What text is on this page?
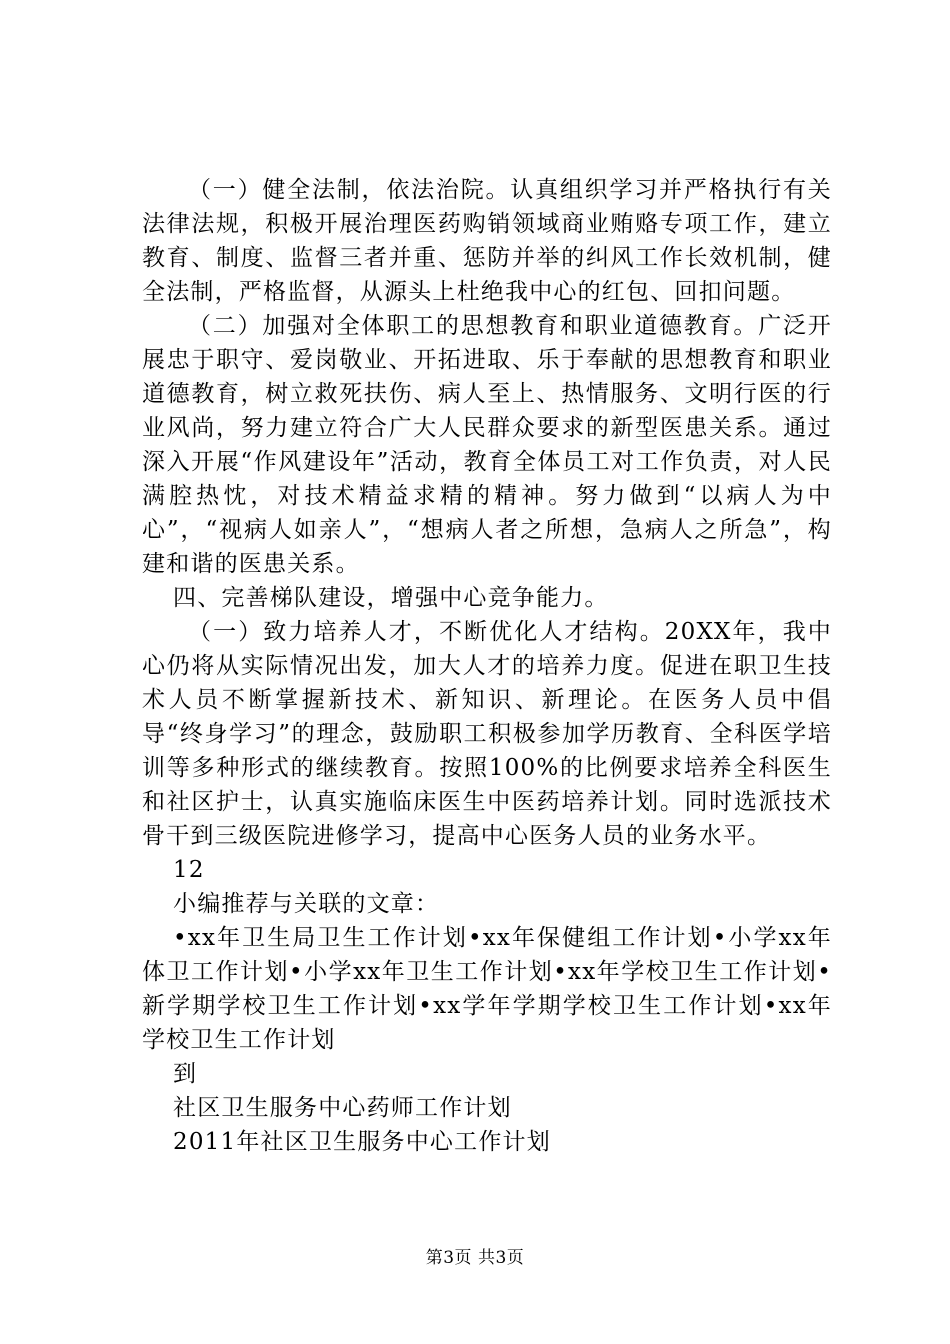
（一）健全法制，依法治院。认真组织学习并严格执行有关法律法规，积极开展治理医药购销领域商业贿赂专项工作，建立教育、制度、监督三者并重、惩防并举的纠风工作长效机制，健全法制，严格监督，从源头上杜绝我中心的红包、回扣问题。

（二）加强对全体职工的思想教育和职业道德教育。广泛开展忠于职守、爱岗敬业、开拓进取、乐于奉献的思想教育和职业道德教育，树立救死扶伤、病人至上、热情服务、文明行医的行业风尚，努力建立符合广大人民群众要求的新型医患关系。通过深入开展“作风建设年”活动，教育全体员工对工作负责，对人民满腔热忱，对技术精益求精的精神。努力做到“以病人为中心”，“视病人如亲人”，“想病人者之所想，急病人之所急”，构建和谐的医患关系。

四、完善梯队建设，增强中心竞争能力。

（一）致力培养人才，不断优化人才结构。20XX年，我中心仍将从实际情况出发，加大人才的培养力度。促进在职卫生技术人员不断掌握新技术、新知识、新理论。在医务人员中倡导“终身学习”的理念，鼓励职工积极参加学历教育、全科医学培训等多种形式的继续教育。按照100%的比例要求培养全科医生和社区护士，认真实施临床医生中医药培养计划。同时选派技术骨干到三级医院进修学习，提高中心医务人员的业务水平。

12

小编推荐与关联的文章：

•xx年卫生局卫生工作计划•xx年保健组工作计划•小学xx年体卫工作计划•小学xx年卫生工作计划•xx年学校卫生工作计划•新学期学校卫生工作计划•xx学年学期学校卫生工作计划•xx年学校卫生工作计划

到

社区卫生服务中心药师工作计划

2011年社区卫生服务中心工作计划

第3页 共3页
